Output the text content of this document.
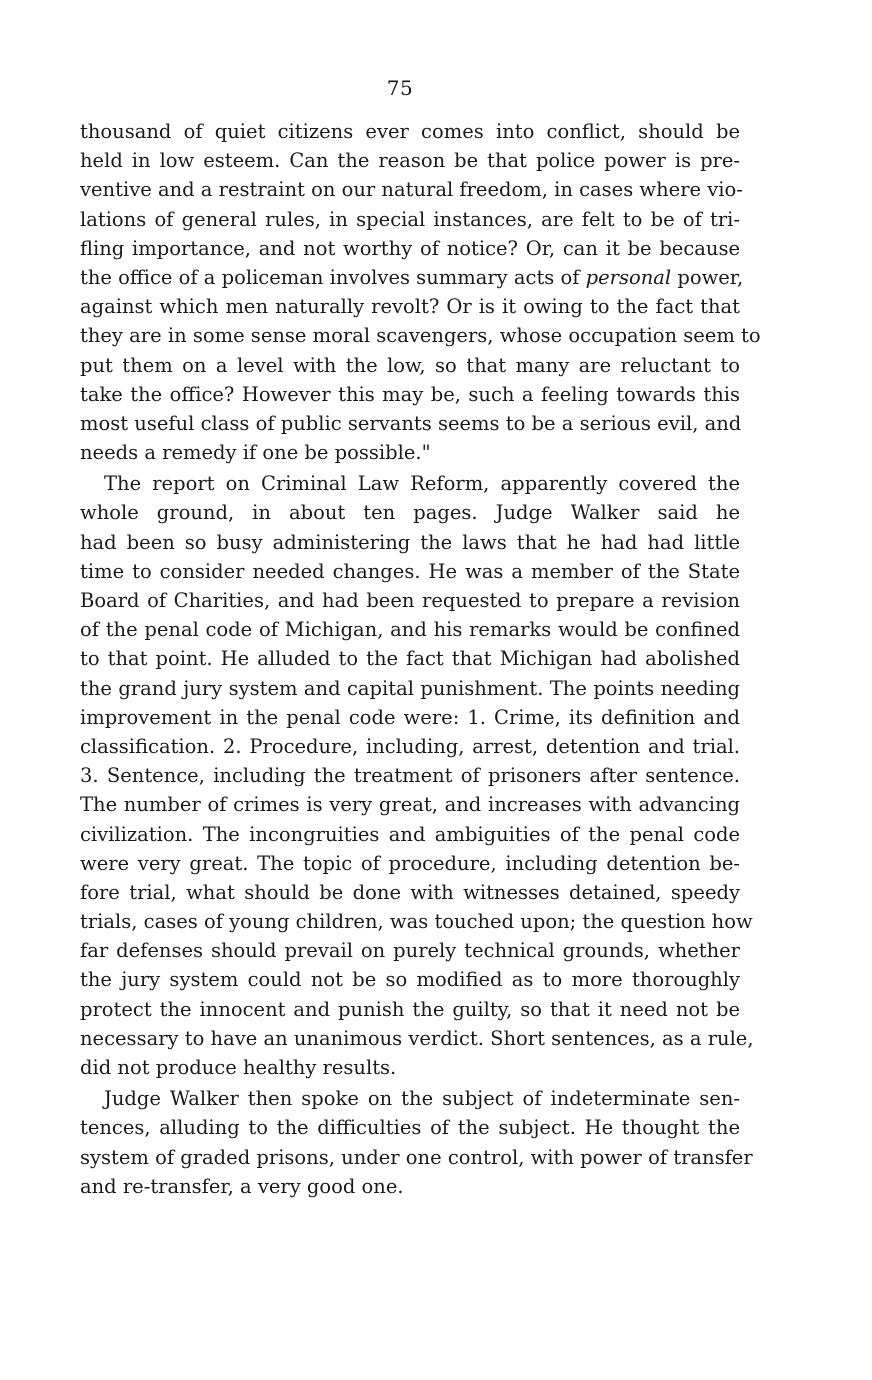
75
thousand of quiet citizens ever comes into conflict, should be
held in low esteem. Can the reason be that police power is pre-
ventive and a restraint on our natural freedom, in cases where vio-
lations of general rules, in special instances, are felt to be of tri-
fling importance, and not worthy of notice? Or, can it be because
the office of a policeman involves summary acts of personal power,
against which men naturally revolt? Or is it owing to the fact that
they are in some sense moral scavengers, whose occupation seem to
put them on a level with the low, so that many are reluctant to
take the office? However this may be, such a feeling towards this
most useful class of public servants seems to be a serious evil, and
needs a remedy if one be possible."
The report on Criminal Law Reform, apparently covered the
whole ground, in about ten pages. Judge Walker said he
had been so busy administering the laws that he had had little
time to consider needed changes. He was a member of the State
Board of Charities, and had been requested to prepare a revision
of the penal code of Michigan, and his remarks would be confined
to that point. He alluded to the fact that Michigan had abolished
the grand jury system and capital punishment. The points needing
improvement in the penal code were: 1. Crime, its definition and
classification. 2. Procedure, including, arrest, detention and trial.
3. Sentence, including the treatment of prisoners after sentence.
The number of crimes is very great, and increases with advancing
civilization. The incongruities and ambiguities of the penal code
were very great. The topic of procedure, including detention be-
fore trial, what should be done with witnesses detained, speedy
trials, cases of young children, was touched upon; the question how
far defenses should prevail on purely technical grounds, whether
the jury system could not be so modified as to more thoroughly
protect the innocent and punish the guilty, so that it need not be
necessary to have an unanimous verdict. Short sentences, as a rule,
did not produce healthy results.
Judge Walker then spoke on the subject of indeterminate sen-
tences, alluding to the difficulties of the subject. He thought the
system of graded prisons, under one control, with power of transfer
and re-transfer, a very good one.
